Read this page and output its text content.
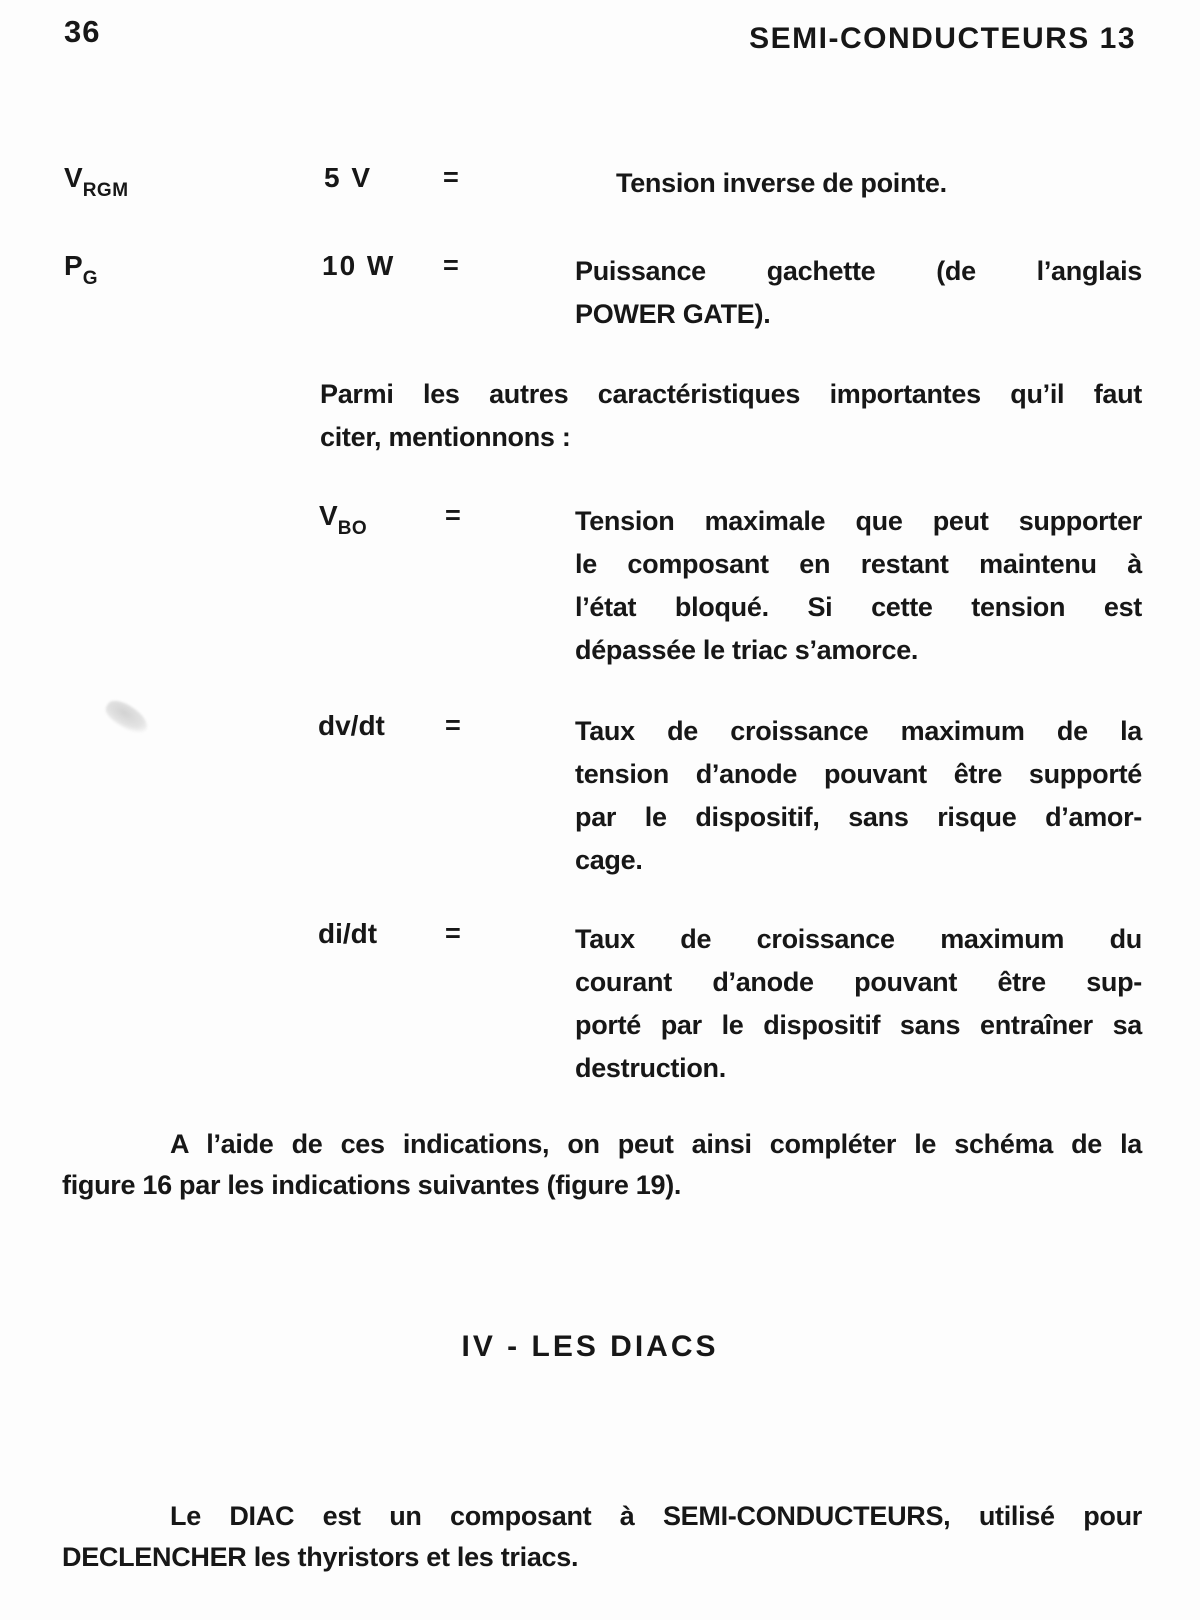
36	SEMI-CONDUCTEURS 13
$V_{RGM}$	5 V	=	Tension inverse de pointe.
$P_G$	10 W =	Puissance gachette (de l’anglais
POWER GATE).
Parmi les autres caractéristiques importantes qu’il faut
citer, mentionnons :
$V_{BO}$	=	Tension maximale que peut supporter
le composant en restant maintenu à
l’état bloqué. Si cette tension est
dépassée le triac s’amorce.
dv/dt =	Taux de croissance maximum de la
tension d’anode pouvant être supporté
par le dispositif, sans risque d’amor-
cage.
di/dt	=	Taux de croissance maximum du
courant d’anode pouvant être sup-
porté par le dispositif sans entraîner sa
destruction.
A l’aide de ces indications, on peut ainsi compléter le schéma de la
figure 16 par les indications suivantes (figure 19).
IV - LES DIACS
Le DIAC est un composant à SEMI-CONDUCTEURS, utilisé pour
DECLENCHER les thyristors et les triacs.
